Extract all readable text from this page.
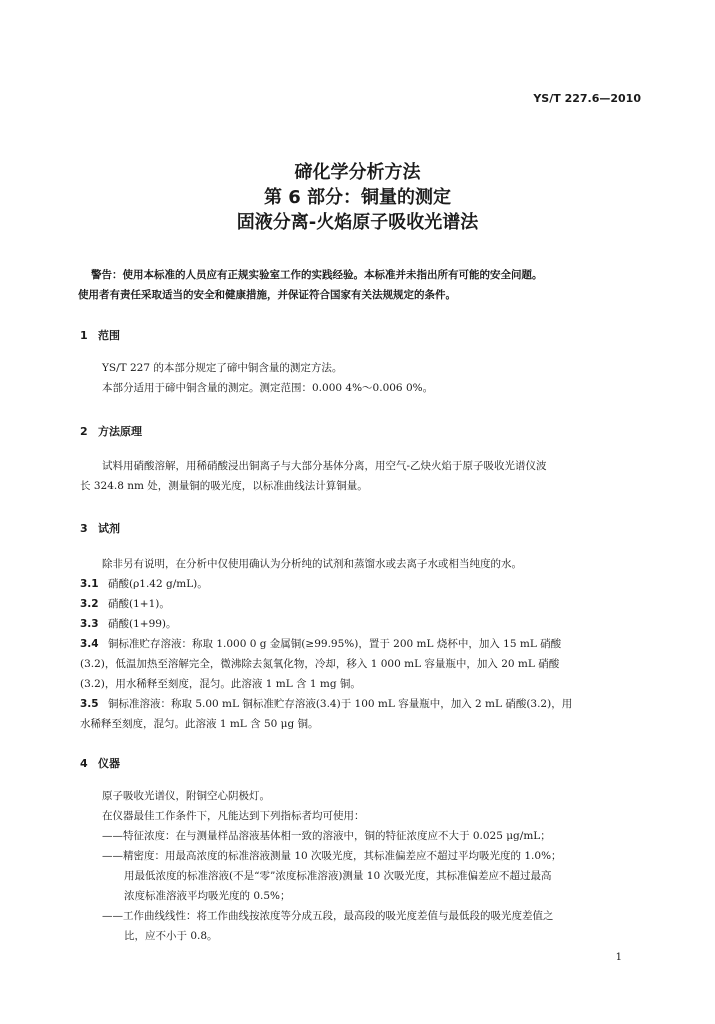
YS/T 227.6—2010
碲化学分析方法
第 6 部分：铜量的测定
固液分离-火焰原子吸收光谱法

警告：使用本标准的人员应有正规实验室工作的实践经验。本标准并未指出所有可能的安全问题。

使用者有责任采取适当的安全和健康措施，并保证符合国家有关法规规定的条件。

1 范围

YS/T 227 的本部分规定了碲中铜含量的测定方法。

本部分适用于碲中铜含量的测定。测定范围：0.000 4%～0.006 0%。

2 方法原理

试料用硝酸溶解，用稀硝酸浸出铜离子与大部分基体分离，用空气-乙炔火焰于原子吸收光谱仪波

长 324.8 nm 处，测量铜的吸光度，以标准曲线法计算铜量。

3 试剂

除非另有说明，在分析中仅使用确认为分析纯的试剂和蒸馏水或去离子水或相当纯度的水。

3.1 硝酸(ρ1.42 g/mL)。

3.2 硝酸(1+1)。

3.3 硝酸(1+99)。

3.4 铜标准贮存溶液：称取 1.000 0 g 金属铜(≥99.95%)，置于 200 mL 烧杯中，加入 15 mL 硝酸

(3.2)，低温加热至溶解完全，微沸除去氮氧化物，冷却，移入 1 000 mL 容量瓶中，加入 20 mL 硝酸

(3.2)，用水稀释至刻度，混匀。此溶液 1 mL 含 1 mg 铜。

3.5 铜标准溶液：称取 5.00 mL 铜标准贮存溶液(3.4)于 100 mL 容量瓶中，加入 2 mL 硝酸(3.2)，用

水稀释至刻度，混匀。此溶液 1 mL 含 50 μg 铜。

4 仪器

原子吸收光谱仪，附铜空心阴极灯。

在仪器最佳工作条件下，凡能达到下列指标者均可使用：

——特征浓度：在与测量样品溶液基体相一致的溶液中，铜的特征浓度应不大于 0.025 μg/mL；

——精密度：用最高浓度的标准溶液测量 10 次吸光度，其标准偏差应不超过平均吸光度的 1.0%；

用最低浓度的标准溶液(不是“零”浓度标准溶液)测量 10 次吸光度，其标准偏差应不超过最高

浓度标准溶液平均吸光度的 0.5%；

——工作曲线线性：将工作曲线按浓度等分成五段，最高段的吸光度差值与最低段的吸光度差值之

比，应不小于 0.8。

1
